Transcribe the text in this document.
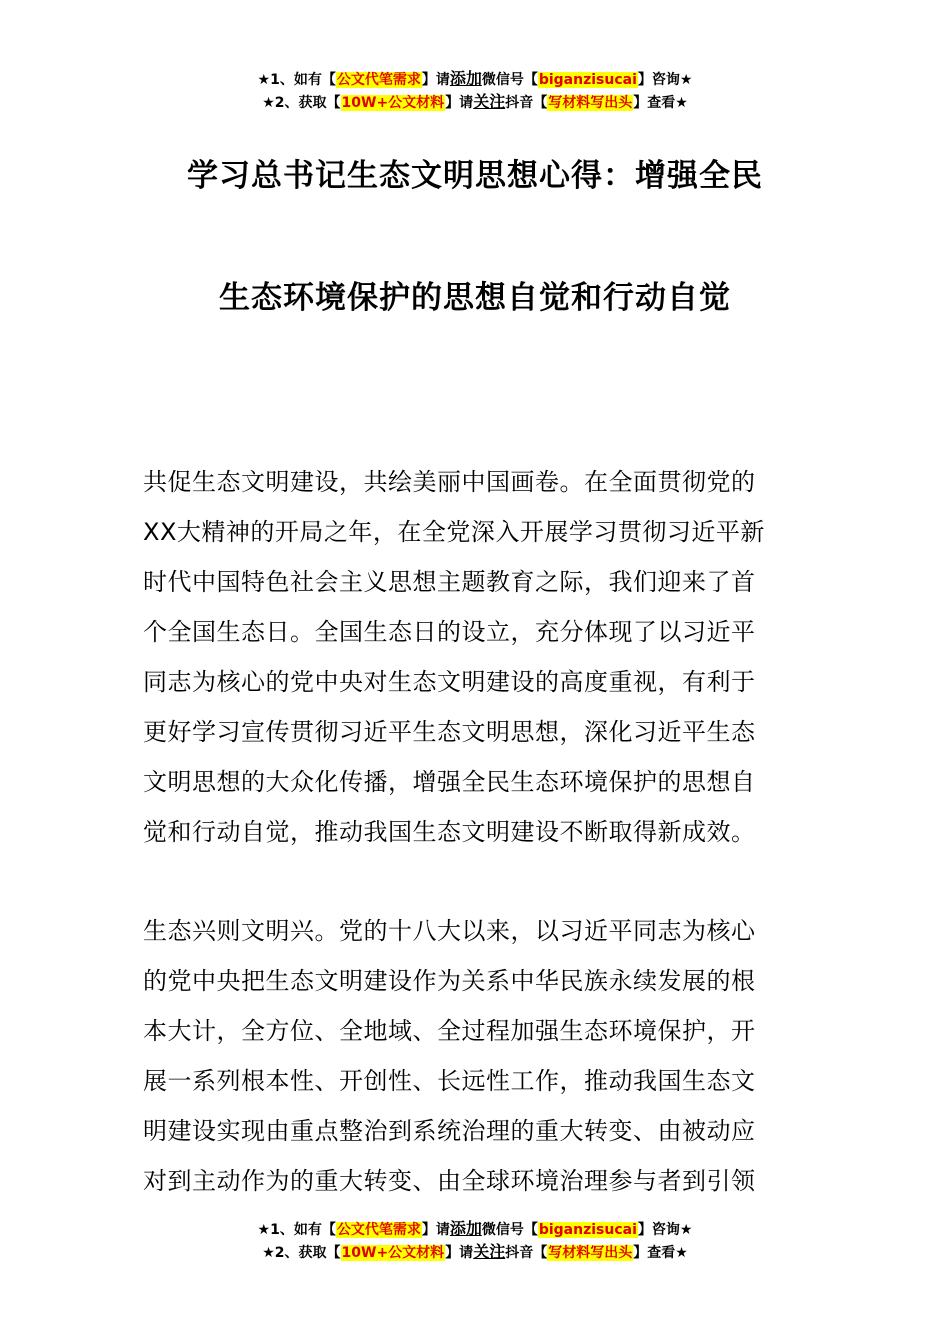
★1、如有【公文代笔需求】请添加微信号【biganzisucai】咨询★
★2、获取【10W+公文材料】请关注抖音【写材料写出头】查看★
学习总书记生态文明思想心得：增强全民
生态环境保护的思想自觉和行动自觉
共促生态文明建设，共绘美丽中国画卷。在全面贯彻党的
XX大精神的开局之年，在全党深入开展学习贯彻习近平新
时代中国特色社会主义思想主题教育之际，我们迎来了首
个全国生态日。全国生态日的设立，充分体现了以习近平
同志为核心的党中央对生态文明建设的高度重视，有利于
更好学习宣传贯彻习近平生态文明思想，深化习近平生态
文明思想的大众化传播，增强全民生态环境保护的思想自
觉和行动自觉，推动我国生态文明建设不断取得新成效。
生态兴则文明兴。党的十八大以来，以习近平同志为核心
的党中央把生态文明建设作为关系中华民族永续发展的根
本大计，全方位、全地域、全过程加强生态环境保护，开
展一系列根本性、开创性、长远性工作，推动我国生态文
明建设实现由重点整治到系统治理的重大转变、由被动应
对到主动作为的重大转变、由全球环境治理参与者到引领
★1、如有【公文代笔需求】请添加微信号【biganzisucai】咨询★
★2、获取【10W+公文材料】请关注抖音【写材料写出头】查看★
